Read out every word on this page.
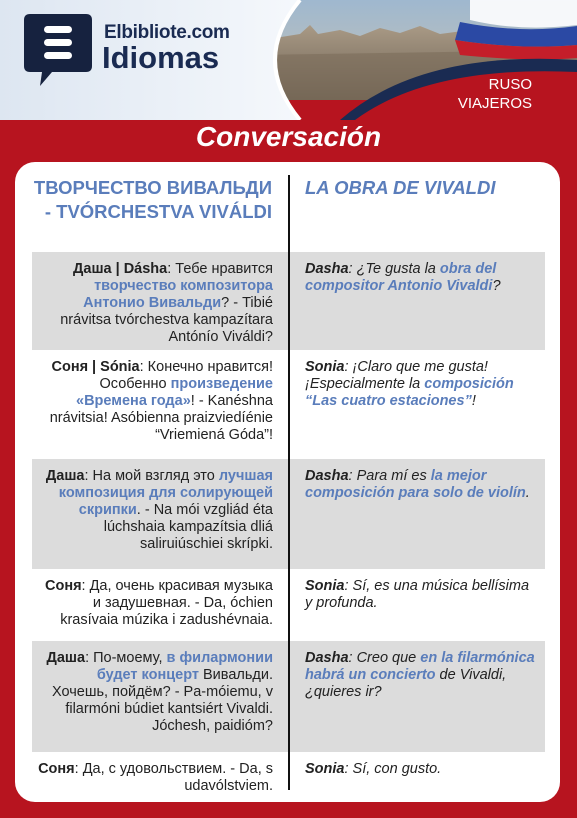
Elbibliote.com
Idiomas
RUSO
VIAJEROS
Conversación
ТВОРЧЕСТВО ВИВАЛЬДИ - TVÓRCHESTVA VIVÁLDI
LA OBRA DE VIVALDI
Даша | Dásha: Тебе нравится творчество композитора Антонио Вивальди? - Tibié nrávitsa tvórchestva kampazítara Antónío Viváldi?
Dasha: ¿Te gusta la obra del compositor Antonio Vivaldi?
Соня | Sónia: Конечно нравится! Особенно произведение «Времена года»! - Kanéshna nrávitsia! Asóbienna praizviedíénie “Vriemiená Góda”!
Sonia: ¡Claro que me gusta! ¡Especialmente la composición “Las cuatro estaciones”!
Даша: На мой взгляд это лучшая композиция для солирующей скрипки. - Na mói vzgliád éta lúchshaia kampazítsia dliá saliruiúschiei skrípki.
Dasha: Para mí es la mejor composición para solo de violín.
Соня: Да, очень красивая музыка и задушевная. - Da, óchien krasívaia múzika i zadushévnaia.
Sonia: Sí, es una música bellísima y profunda.
Даша: По-моему, в филармонии будет концерт Вивальди. Хочешь, пойдём? - Pa-móiemu, v filarmóni búdiet kantsiért Vivaldi. Jóchesh, paidióm?
Dasha: Creo que en la filarmónica habrá un concierto de Vivaldi, ¿quieres ir?
Соня: Да, с удовольствием. - Da, s udavólstviem.
Sonia: Sí, con gusto.
